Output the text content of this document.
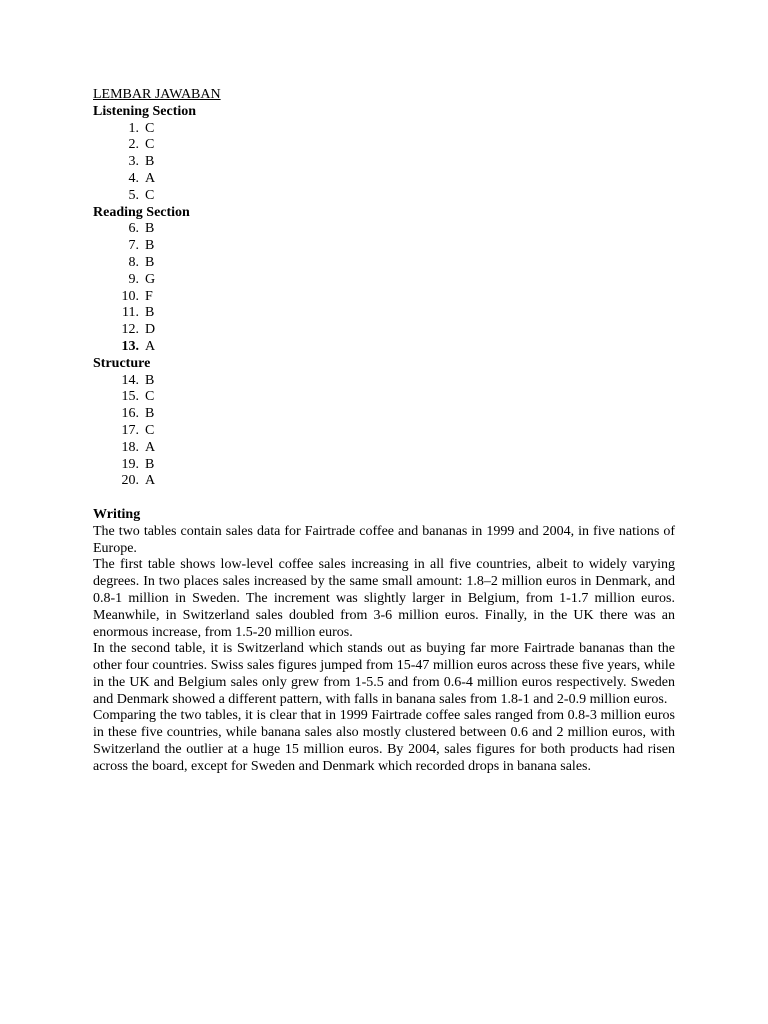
LEMBAR JAWABAN
Listening Section
1. C
2. C
3. B
4. A
5. C
Reading Section
6. B
7. B
8. B
9. G
10. F
11. B
12. D
13. A
Structure
14. B
15. C
16. B
17. C
18. A
19. B
20. A
Writing

The two tables contain sales data for Fairtrade coffee and bananas in 1999 and 2004, in five nations of Europe.

The first table shows low-level coffee sales increasing in all five countries, albeit to widely varying degrees. In two places sales increased by the same small amount: 1.8–2 million euros in Denmark, and 0.8-1 million in Sweden. The increment was slightly larger in Belgium, from 1-1.7 million euros. Meanwhile, in Switzerland sales doubled from 3-6 million euros. Finally, in the UK there was an enormous increase, from 1.5-20 million euros.

In the second table, it is Switzerland which stands out as buying far more Fairtrade bananas than the other four countries. Swiss sales figures jumped from 15-47 million euros across these five years, while in the UK and Belgium sales only grew from 1-5.5 and from 0.6-4 million euros respectively. Sweden and Denmark showed a different pattern, with falls in banana sales from 1.8-1 and 2-0.9 million euros.

Comparing the two tables, it is clear that in 1999 Fairtrade coffee sales ranged from 0.8-3 million euros in these five countries, while banana sales also mostly clustered between 0.6 and 2 million euros, with Switzerland the outlier at a huge 15 million euros. By 2004, sales figures for both products had risen across the board, except for Sweden and Denmark which recorded drops in banana sales.
